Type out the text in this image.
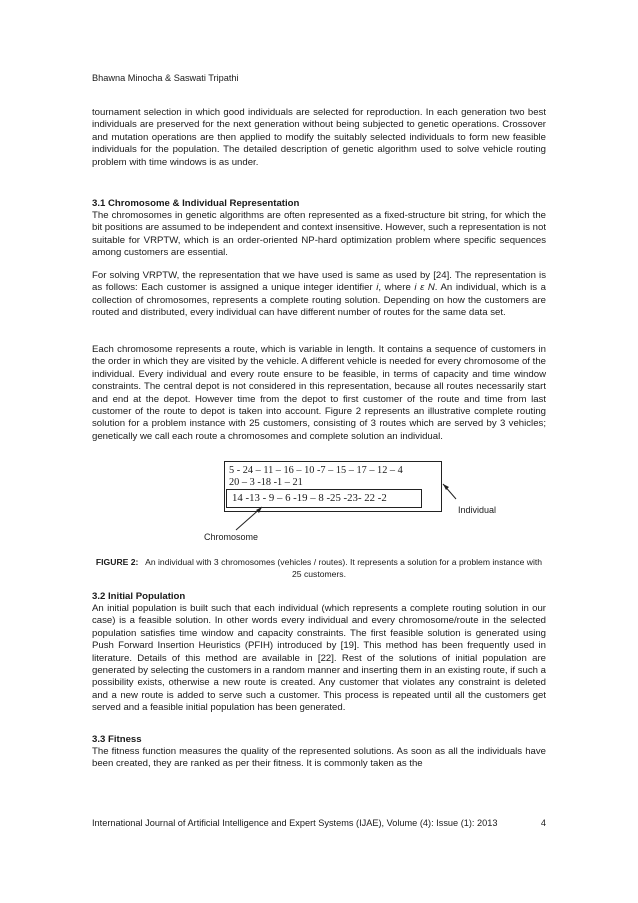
Bhawna Minocha & Saswati Tripathi

tournament selection in which good individuals are selected for reproduction. In each generation two best individuals are preserved for the next generation without being subjected to genetic operations. Crossover and mutation operations are then applied to modify the suitably selected individuals to form new feasible individuals for the population. The detailed description of genetic algorithm used to solve vehicle routing problem with time windows is as under.

3.1 Chromosome & Individual Representation

The chromosomes in genetic algorithms are often represented as a fixed-structure bit string, for which the bit positions are assumed to be independent and context insensitive. However, such a representation is not suitable for VRPTW, which is an order-oriented NP-hard optimization problem where specific sequences among customers are essential.

For solving VRPTW, the representation that we have used is same as used by [24]. The representation is as follows: Each customer is assigned a unique integer identifier i, where i ε N. An individual, which is a collection of chromosomes, represents a complete routing solution. Depending on how the customers are routed and distributed, every individual can have different number of routes for the same data set.

Each chromosome represents a route, which is variable in length. It contains a sequence of customers in the order in which they are visited by the vehicle. A different vehicle is needed for every chromosome of the individual. Every individual and every route ensure to be feasible, in terms of capacity and time window constraints. The central depot is not considered in this representation, because all routes necessarily start and end at the depot. However time from the depot to first customer of the route and time from last customer of the route to depot is taken into account. Figure 2 represents an illustrative complete routing solution for a problem instance with 25 customers, consisting of 3 routes which are served by 3 vehicles; genetically we call each route a chromosomes and complete solution an individual.

5 - 24 – 11 – 16 – 10 -7 – 15 – 17 – 12 – 4
20 – 3 -18 -1 – 21
14 -13 - 9 – 6 -19 – 8 -25 -23- 22 -2
Individual
Chromosome

FIGURE 2: An individual with 3 chromosomes (vehicles / routes). It represents a solution for a problem instance with 25 customers.

3.2 Initial Population

An initial population is built such that each individual (which represents a complete routing solution in our case) is a feasible solution. In other words every individual and every chromosome/route in the selected population satisfies time window and capacity constraints. The first feasible solution is generated using Push Forward Insertion Heuristics (PFIH) introduced by [19]. This method has been frequently used in literature. Details of this method are available in [22]. Rest of the solutions of initial population are generated by selecting the customers in a random manner and inserting them in an existing route, if such a possibility exists, otherwise a new route is created. Any customer that violates any constraint is deleted and a new route is added to serve such a customer. This process is repeated until all the customers get served and a feasible initial population has been generated.

3.3 Fitness

The fitness function measures the quality of the represented solutions. As soon as all the individuals have been created, they are ranked as per their fitness. It is commonly taken as the

International Journal of Artificial Intelligence and Expert Systems (IJAE), Volume (4): Issue (1): 2013	4
